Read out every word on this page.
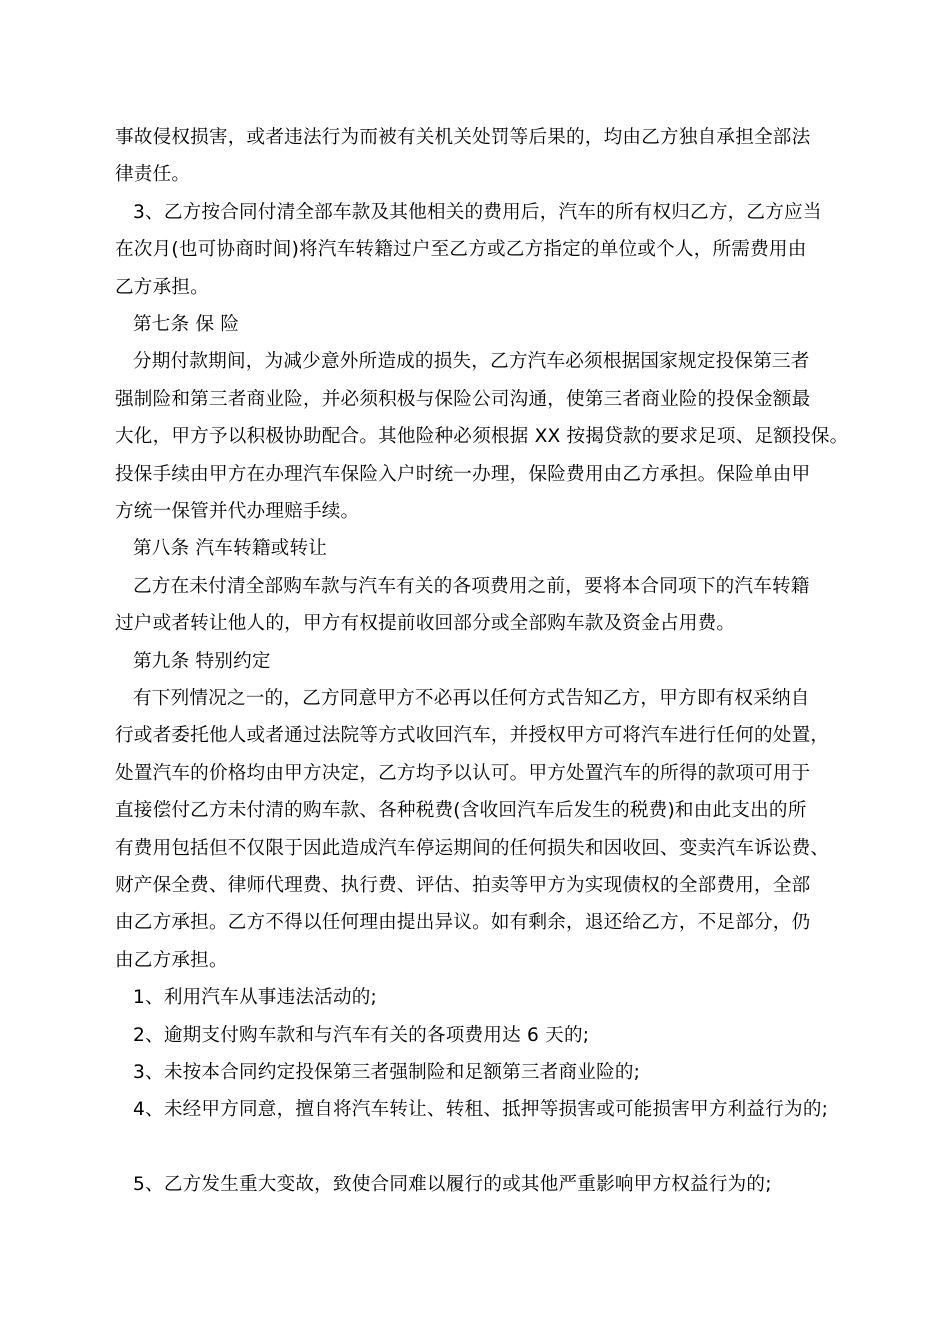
事故侵权损害，或者违法行为而被有关机关处罚等后果的，均由乙方独自承担全部法
律责任。
3、乙方按合同付清全部车款及其他相关的费用后，汽车的所有权归乙方，乙方应当
在次月(也可协商时间)将汽车转籍过户至乙方或乙方指定的单位或个人，所需费用由
乙方承担。
第七条 保 险
分期付款期间，为减少意外所造成的损失，乙方汽车必须根据国家规定投保第三者
强制险和第三者商业险，并必须积极与保险公司沟通，使第三者商业险的投保金额最
大化，甲方予以积极协助配合。其他险种必须根据 XX 按揭贷款的要求足项、足额投保。
投保手续由甲方在办理汽车保险入户时统一办理，保险费用由乙方承担。保险单由甲
方统一保管并代办理赔手续。
第八条 汽车转籍或转让
乙方在未付清全部购车款与汽车有关的各项费用之前，要将本合同项下的汽车转籍
过户或者转让他人的，甲方有权提前收回部分或全部购车款及资金占用费。
第九条 特别约定
有下列情况之一的，乙方同意甲方不必再以任何方式告知乙方，甲方即有权采纳自
行或者委托他人或者通过法院等方式收回汽车，并授权甲方可将汽车进行任何的处置，
处置汽车的价格均由甲方决定，乙方均予以认可。甲方处置汽车的所得的款项可用于
直接偿付乙方未付清的购车款、各种税费(含收回汽车后发生的税费)和由此支出的所
有费用包括但不仅限于因此造成汽车停运期间的任何损失和因收回、变卖汽车诉讼费、
财产保全费、律师代理费、执行费、评估、拍卖等甲方为实现债权的全部费用，全部
由乙方承担。乙方不得以任何理由提出异议。如有剩余，退还给乙方，不足部分，仍
由乙方承担。
1、利用汽车从事违法活动的;
2、逾期支付购车款和与汽车有关的各项费用达 6 天的;
3、未按本合同约定投保第三者强制险和足额第三者商业险的;
4、未经甲方同意，擅自将汽车转让、转租、抵押等损害或可能损害甲方利益行为的;
5、乙方发生重大变故，致使合同难以履行的或其他严重影响甲方权益行为的;
